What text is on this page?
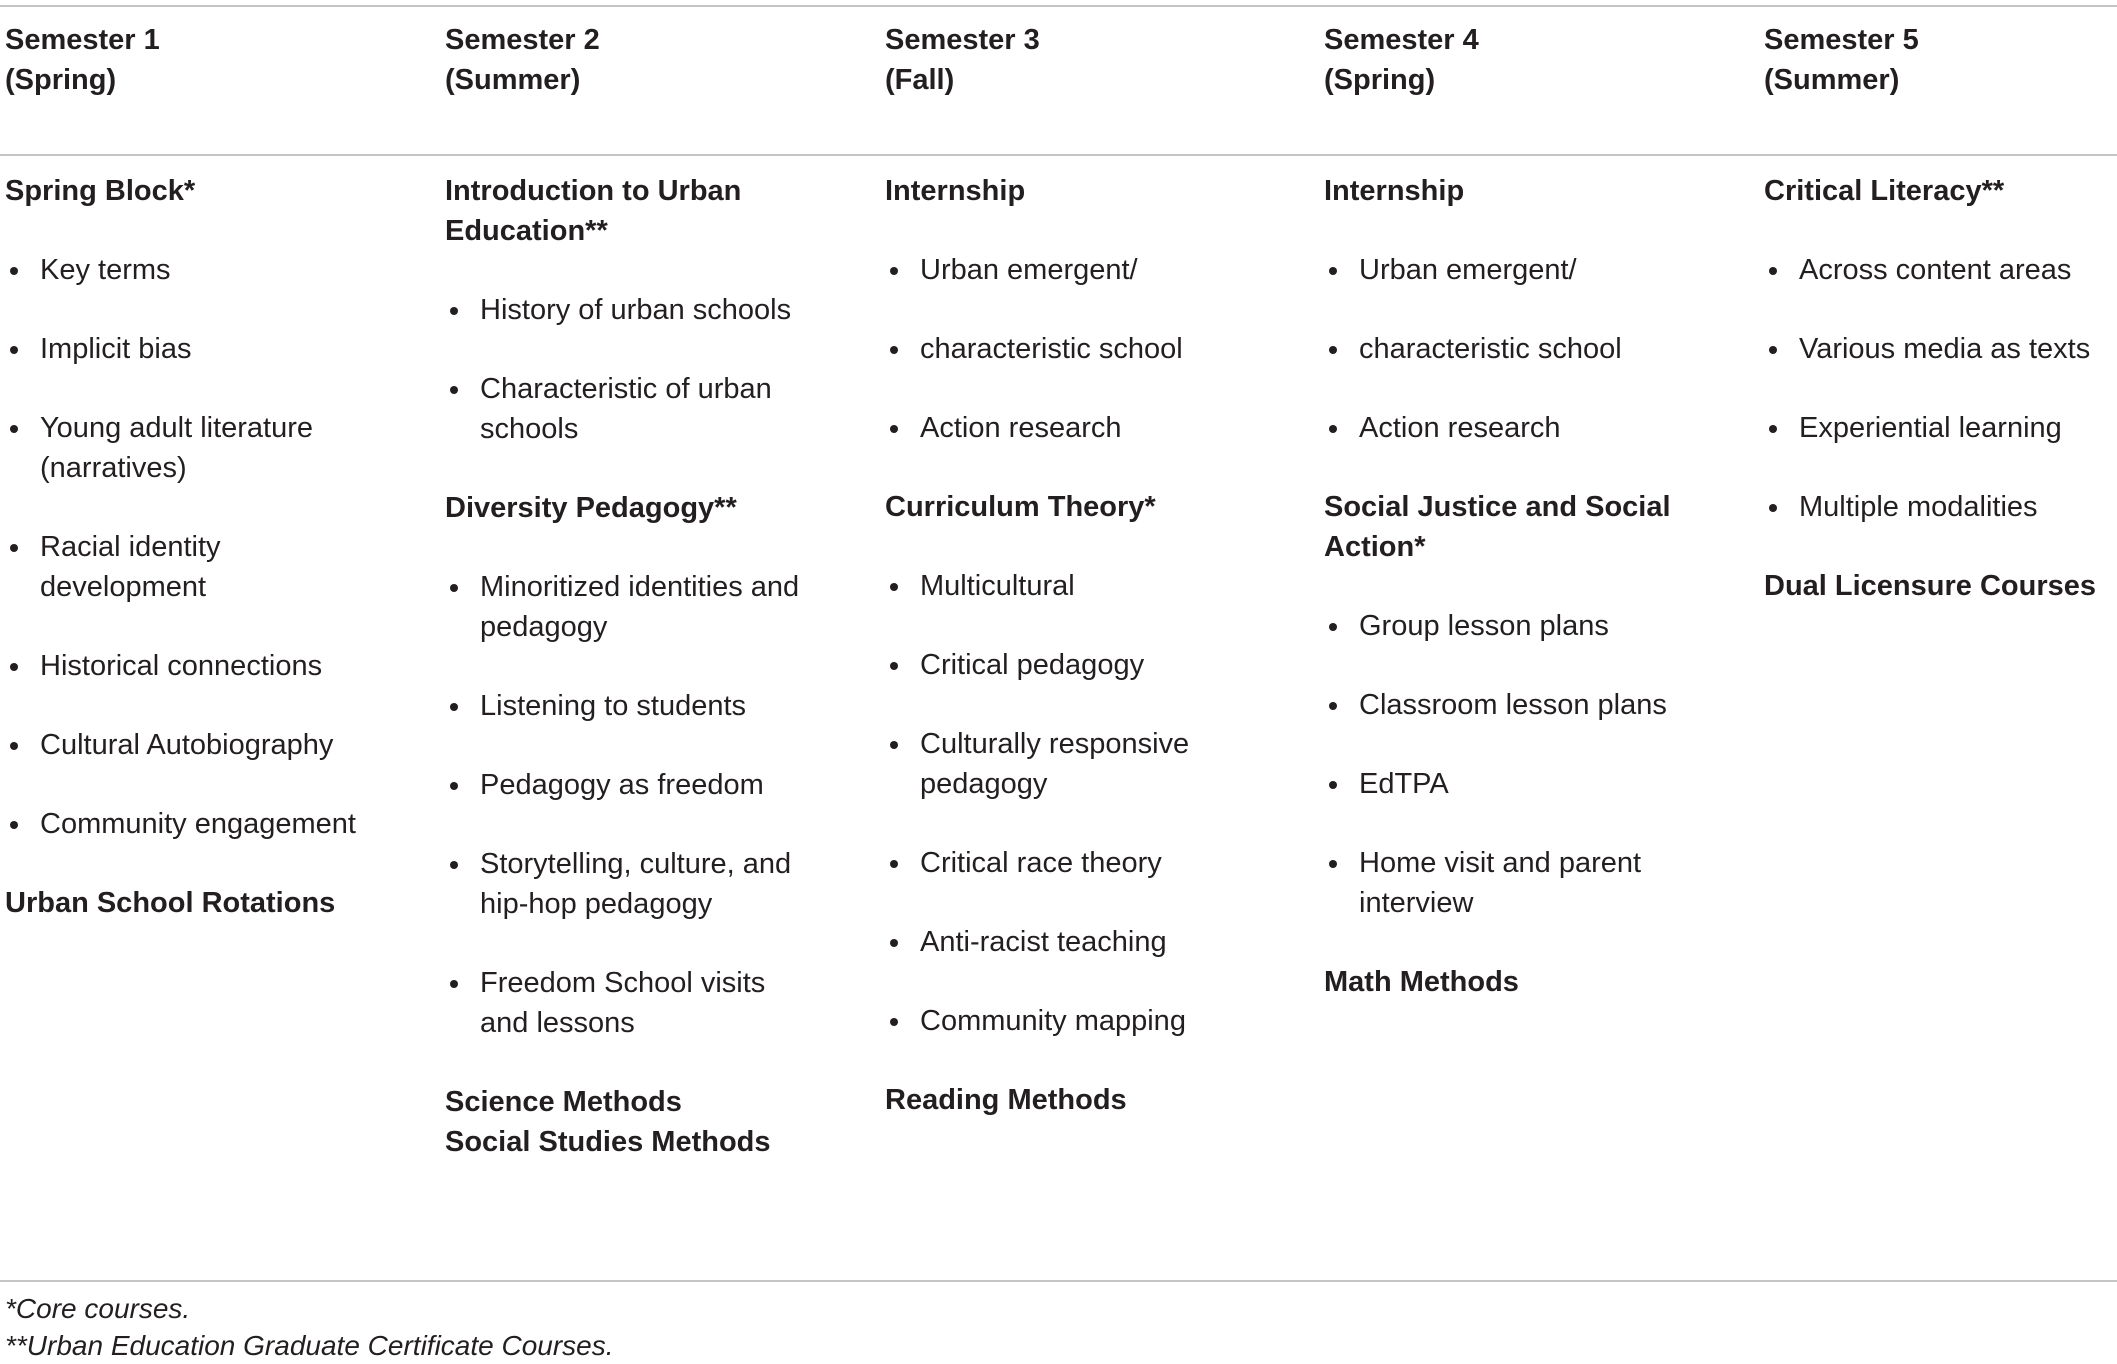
Semester 1
(Spring)
Spring Block*
Key terms
Implicit bias
Young adult literature (narratives)
Racial identity development
Historical connections
Cultural Autobiography
Community engagement
Urban School Rotations
Semester 2
(Summer)
Introduction to Urban Education**
History of urban schools
Characteristic of urban schools
Diversity Pedagogy**
Minoritized identities and pedagogy
Listening to students
Pedagogy as freedom
Storytelling, culture, and hip-hop pedagogy
Freedom School visits and lessons
Science Methods
Social Studies Methods
Semester 3
(Fall)
Internship
Urban emergent/
characteristic school
Action research
Curriculum Theory*
Multicultural
Critical pedagogy
Culturally responsive pedagogy
Critical race theory
Anti-racist teaching
Community mapping
Reading Methods
Semester 4
(Spring)
Internship
Urban emergent/
characteristic school
Action research
Social Justice and Social Action*
Group lesson plans
Classroom lesson plans
EdTPA
Home visit and parent interview
Math Methods
Semester 5
(Summer)
Critical Literacy**
Across content areas
Various media as texts
Experiential learning
Multiple modalities
Dual Licensure Courses
*Core courses.
**Urban Education Graduate Certificate Courses.
